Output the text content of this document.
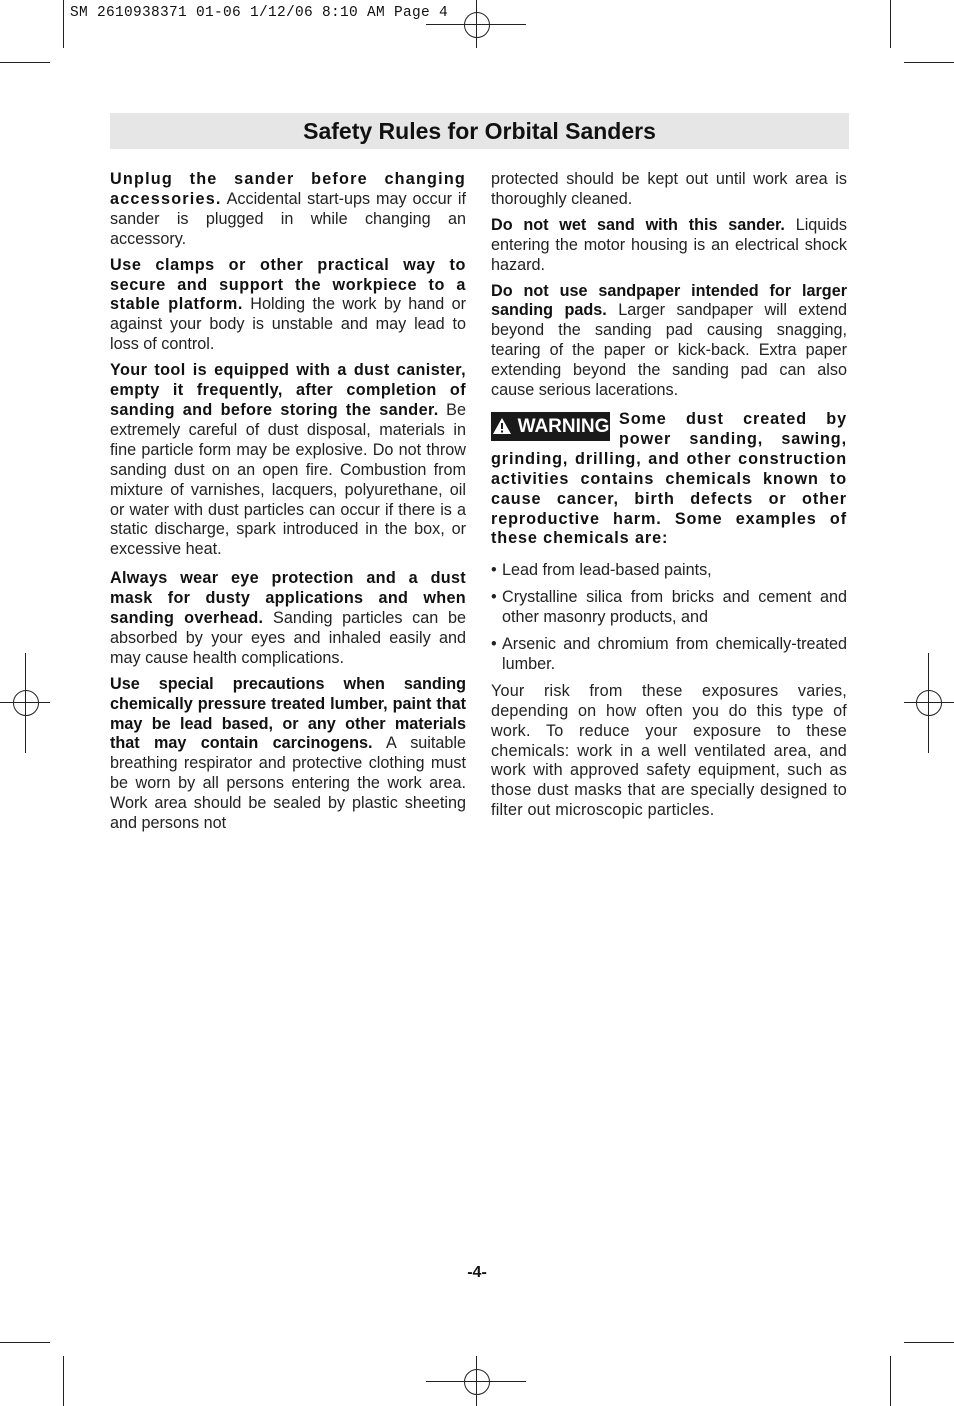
SM 2610938371 01-06 1/12/06 8:10 AM Page 4
Safety Rules for Orbital Sanders

Unplug the sander before changing accessories. Accidental start-ups may occur if sander is plugged in while changing an accessory.

Use clamps or other practical way to secure and support the workpiece to a stable platform. Holding the work by hand or against your body is unstable and may lead to loss of control.

Your tool is equipped with a dust canister, empty it frequently, after completion of sanding and before storing the sander. Be extremely careful of dust disposal, materials in fine particle form may be explosive. Do not throw sanding dust on an open fire. Combustion from mixture of varnishes, lacquers, polyurethane, oil or water with dust particles can occur if there is a static discharge, spark introduced in the box, or excessive heat.

Always wear eye protection and a dust mask for dusty applications and when sanding overhead. Sanding particles can be absorbed by your eyes and inhaled easily and may cause health complications.

Use special precautions when sanding chemically pressure treated lumber, paint that may be lead based, or any other materials that may contain carcinogens. A suitable breathing respirator and protective clothing must be worn by all persons entering the work area. Work area should be sealed by plastic sheeting and persons not

protected should be kept out until work area is thoroughly cleaned.

Do not wet sand with this sander. Liquids entering the motor housing is an electrical shock hazard.

Do not use sandpaper intended for larger sanding pads. Larger sandpaper will extend beyond the sanding pad causing snagging, tearing of the paper or kick-back. Extra paper extending beyond the sanding pad can also cause serious lacerations.

WARNING Some dust created by power sanding, sawing, grinding, drilling, and other construction activities contains chemicals known to cause cancer, birth defects or other reproductive harm. Some examples of these chemicals are:
• Lead from lead-based paints,
• Crystalline silica from bricks and cement and other masonry products, and
• Arsenic and chromium from chemically-treated lumber.

Your risk from these exposures varies, depending on how often you do this type of work. To reduce your exposure to these chemicals: work in a well ventilated area, and work with approved safety equipment, such as those dust masks that are specially designed to filter out microscopic particles.

-4-
